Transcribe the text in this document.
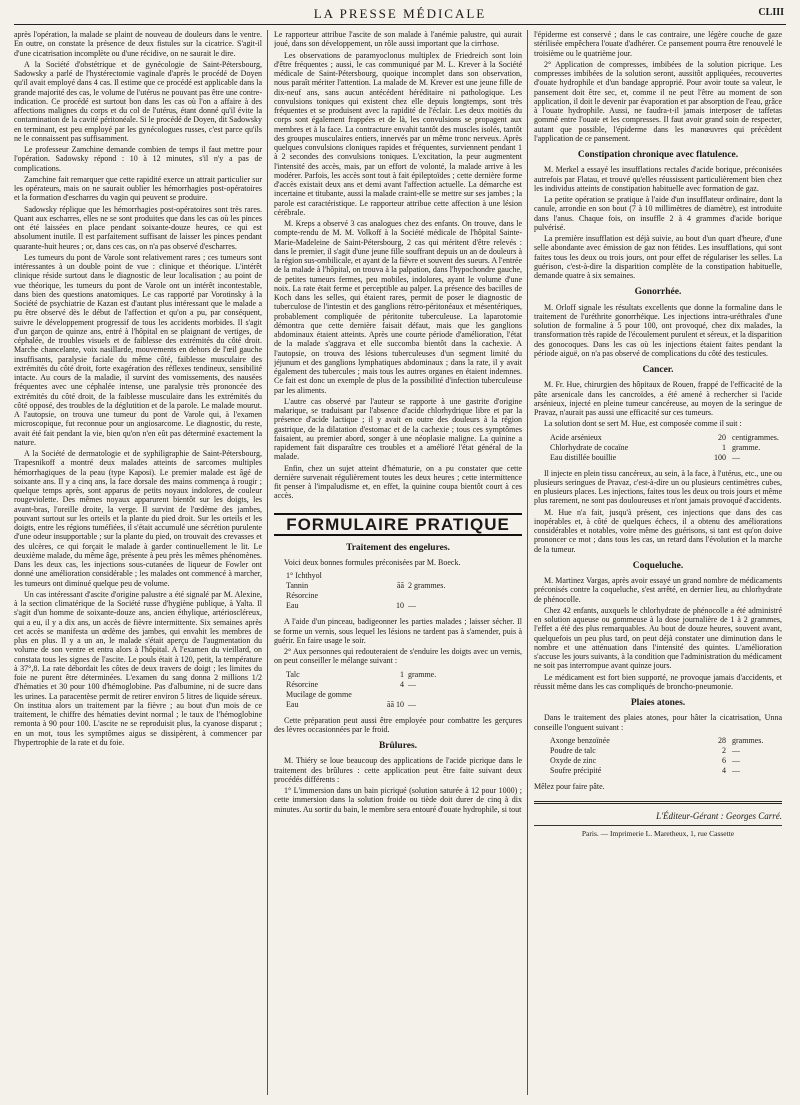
LA PRESSE MÉDICALE	CLIII

après l'opération, la malade se plaint de nouveau de douleurs dans le ventre. En outre, on constate la présence de deux fistules sur la cicatrice. S'agit-il d'une cicatrisation incomplète ou d'une récidive, on ne saurait le dire.

A la Société d'obstétrique et de gynécologie de Saint-Pétersbourg, Sadowsky a parlé de l'hystérectomie vaginale d'après le procédé de Doyen qu'il avait employé dans 4 cas. Il estime que ce procédé est applicable dans la grande majorité des cas, le volume de l'utérus ne pouvant pas être une contre-indication. Ce procédé est surtout bon dans les cas où l'on a affaire à des affections malignes du corps et du col de l'utérus, étant donné qu'il évite la contamination de la cavité péritonéale. Si le procédé de Doyen, dit Sadowsky en terminant, est peu employé par les gynécologues russes, c'est parce qu'ils ne le connaissent pas suffisamment.

Le professeur Zamchine demande combien de temps il faut mettre pour l'opération. Sadowsky répond : 10 à 12 minutes, s'il n'y a pas de complications.

Zamchine fait remarquer que cette rapidité exerce un attrait particulier sur les opérateurs, mais on ne saurait oublier les hémorrhagies post-opératoires et la formation d'escharres du vagin qui peuvent se produire.

Sadowsky réplique que les hémorrhagies post-opératoires sont très rares. Quant aux escharres, elles ne se sont produites que dans les cas où les pinces ont été laissées en place pendant soixante-douze heures, ce qui est absolument inutile. Il est parfaitement suffisant de laisser les pinces pendant quarante-huit heures ; or, dans ces cas, on n'a pas observé d'escharres.

Les tumeurs du pont de Varole sont relativement rares ; ces tumeurs sont intéressantes à un double point de vue : clinique et théorique. L'intérêt clinique réside surtout dans le diagnostic de leur localisation ; au point de vue théorique, les tumeurs du pont de Varole ont un intérêt incontestable, dans bien des questions anatomiques. Le cas rapporté par Vorotinsky à la Société de psychiatrie de Kazan est d'autant plus intéressant que le malade a pu être observé dès le début de l'affection et qu'on a pu, par conséquent, suivre le développement progressif de tous les accidents morbides. Il s'agit d'un garçon de quinze ans, entré à l'hôpital en se plaignant de vertiges, de céphalée, de troubles visuels et de faiblesse des extrémités du côté droit. Marche chancelante, voix nasillarde, mouvements en dehors de l'œil gauche insuffisants, paralysie faciale du même côté, faiblesse musculaire des extrémités du côté droit, forte exagération des réflexes tendineux, sensibilité intacte. Au cours de la maladie, il survint des vomissements, des nausées fréquentes avec une céphalée intense, une paralysie très prononcée des extrémités du côté droit, de la faiblesse musculaire dans les extrémités du côté opposé, des troubles de la déglutition et de la parole. Le malade mourut. A l'autopsie, on trouva une tumeur du pont de Varole qui, à l'examen microscopique, fut reconnue pour un angiosarcome. Le diagnostic, du reste, avait été fait pendant la vie, bien qu'on n'en eût pas déterminé exactement la nature.

A la Société de dermatologie et de syphiligraphie de Saint-Pétersbourg, Trapesnikoff a montré deux malades atteints de sarcomes multiples hémorrhagiques de la peau (type Kaposi). Le premier malade est âgé de soixante ans. Il y a cinq ans, la face dorsale des mains commença à rougir ; quelque temps après, sont apparus de petits noyaux indolores, de couleur rougeviolette. Des mêmes noyaux apparurent bientôt sur les doigts, les avant-bras, l'oreille droite, la verge. Il survint de l'œdème des jambes, pouvant surtout sur les orteils et la plante du pied droit. Sur les orteils et les doigts, entre les régions tuméfiées, il s'était accumulé une sécrétion purulente d'une odeur insupportable ; sur la plante du pied, on trouvait des crevasses et des ulcères, ce qui forçait le malade à garder continuellement le lit. Le deuxième malade, du même âge, présente à peu près les mêmes phénomènes. Dans les deux cas, les injections sous-cutanées de liqueur de Fowler ont donné une amélioration considérable ; les malades ont commencé à marcher, les tumeurs ont diminué quelque peu de volume.

Un cas intéressant d'ascite d'origine palustre a été signalé par M. Alexine, à la section climatérique de la Société russe d'hygiène publique, à Yalta. Il s'agit d'un homme de soixante-douze ans, ancien éthylique, artérioscléreux, qui a eu, il y a dix ans, un accès de fièvre intermittente. Six semaines après cet accès se manifesta un œdème des jambes, qui envahit les membres de plus en plus. Il y a un an, le malade s'était aperçu de l'augmentation du volume de son ventre et entra alors à l'hôpital. A l'examen du vieillard, on constata tous les signes de l'ascite. Le pouls était à 120, petit, la température à 37°,8. La rate débordait les côtes de deux travers de doigt ; les limites du foie ne purent être déterminées. L'examen du sang donna 2 millions 1/2 d'hématies et 30 pour 100 d'hémoglobine. Pas d'albumine, ni de sucre dans les urines. La paracentèse permit de retirer environ 5 litres de liquide séreux. On institua alors un traitement par la fièvre ; au bout d'un mois de ce traitement, le chiffre des hématies devint normal ; le taux de l'hémoglobine remonta à 90 pour 100. L'ascite ne se reproduisit plus, la cyanose disparut ; en un mot, tous les symptômes aigus se dissipèrent, à commencer par l'hypertrophie de la rate et du foie.

Le rapporteur attribue l'ascite de son malade à l'anémie palustre, qui aurait joué, dans son développement, un rôle aussi important que la cirrhose.

Les observations de paramyoclonus multiplex de Friedreich sont loin d'être fréquentes ; aussi, le cas communiqué par M. L. Krever à la Société médicale de Saint-Pétersbourg, quoique incomplet dans son observation, nous paraît mériter l'attention. La malade de M. Krever est une jeune fille de dix-neuf ans, sans aucun antécédent héréditaire ni pathologique. Les convulsions toniques qui existent chez elle depuis longtemps, sont très fréquentes et se produisent avec la rapidité de l'éclair. Les deux moitiés du corps sont également frappées et de là, les convulsions se propagent aux membres et à la face. La contracture envahit tantôt des muscles isolés, tantôt des groupes musculaires entiers, innervés par un même tronc nerveux. Après quelques convulsions cloniques rapides et fréquentes, surviennent pendant 1 à 2 secondes des convulsions toniques. L'excitation, la peur augmentent l'intensité des accès, mais, par un effort de volonté, la malade arrive à les modérer. Parfois, les accès sont tout à fait épileptoïdes ; cette dernière forme d'accès existait deux ans et demi avant l'affection actuelle. La démarche est incertaine et titubante, aussi la malade craint-elle se mettre sur ses jambes ; la parole est caractéristique. Le rapporteur attribue cette affection à une lésion cérébrale.

M. Kreps a observé 3 cas analogues chez des enfants. On trouve, dans le compte-rendu de M. M. Volkoff à la Société médicale de l'hôpital Sainte-Marie-Madeleine de Saint-Pétersbourg, 2 cas qui méritent d'être relevés : dans le premier, il s'agit d'une jeune fille souffrant depuis un an de douleurs à la région sus-ombilicale, et ayant de la fièvre et souvent des sueurs. A l'entrée de la malade à l'hôpital, on trouva à la palpation, dans l'hypochondre gauche, de petites tumeurs fermes, peu mobiles, indolores, ayant le volume d'une noix. La rate était ferme et perceptible au palper. La présence des bacilles de Koch dans les selles, qui étaient rares, permit de poser le diagnostic de tuberculose de l'intestin et des ganglions rétro-péritonéaux et mésentériques, probablement compliquée de péritonite tuberculeuse. La laparotomie démontra que cette dernière faisait défaut, mais que les ganglions abdominaux étaient atteints. Après une courte période d'amélioration, l'état de la malade s'aggrava et elle succomba bientôt dans la cachexie. A l'autopsie, on trouva des lésions tuberculeuses d'un segment limité du jéjunum et des ganglions lymphatiques abdominaux ; dans la rate, il y avait également des tubercules ; mais tous les autres organes en étaient indemnes. Ce fait est donc un exemple de plus de la possibilité d'infection tuberculeuse par les aliments.

L'autre cas observé par l'auteur se rapporte à une gastrite d'origine malarique, se traduisant par l'absence d'acide chlorhydrique libre et par la présence d'acide lactique ; il y avait en outre des douleurs à la région gastrique, de la dilatation d'estomac et de la cachexie ; tous ces symptômes faisaient, au premier abord, songer à une néoplasie maligne. La quinine a rapidement fait disparaître ces troubles et a amélioré l'état général de la malade.

Enfin, chez un sujet atteint d'hématurie, on a pu constater que cette dernière survenait régulièrement toutes les deux heures ; cette intermittence fit penser à l'impaludisme et, en effet, la quinine coupa bientôt court à ces accès.

FORMULAIRE PRATIQUE
Traitement des engelures.

Voici deux bonnes formules préconisées par M. Boeck.

1° Ichthyol
Tannin	āā 2 grammes.
Résorcine
Eau	10 —

A l'aide d'un pinceau, badigeonner les parties malades ; laisser sécher. Il se forme un vernis, sous lequel les lésions ne tardent pas à s'amender, puis à guérir. En faire usage le soir.

2° Aux personnes qui redouteraient de s'enduire les doigts avec un vernis, on peut conseiller le mélange suivant :

Talc	1 gramme.
Résorcine	4 —
Mucilage de gomme
Eau	āā 10 —

Cette préparation peut aussi être employée pour combattre les gerçures des lèvres occasionnées par le froid.

Brûlures.

M. Thiéry se loue beaucoup des applications de l'acide picrique dans le traitement des brûlures : cette application peut être faite suivant deux procédés différents :

1° L'immersion dans un bain picriqué (solution saturée à 12 pour 1000) ; cette immersion dans la solution froide ou tiède doit durer de cinq à dix minutes. Au sortir du bain, le membre sera entouré d'ouate hydrophile, si tout

l'épiderme est conservé ; dans le cas contraire, une légère couche de gaze stérilisée empêchera l'ouate d'adhérer. Ce pansement pourra être renouvelé le troisième ou le quatrième jour.

2° Application de compresses, imbibées de la solution picrique. Les compresses imbibées de la solution seront, aussitôt appliquées, recouvertes d'ouate hydrophile et d'un bandage approprié. Pour avoir toute sa valeur, le pansement doit être sec, et, comme il ne peut l'être au moment de son application, il doit le devenir par évaporation et par absorption de l'eau, grâce à l'ouate hydrophile. Aussi, ne faudra-t-il jamais interposer de taffetas gommé entre l'ouate et les compresses. Il faut avoir grand soin de respecter, autant que possible, l'épiderme dans les manœuvres qui précèdent l'application de ce pansement.

Constipation chronique avec flatulence.

M. Merkel a essayé les insufflations rectales d'acide borique, préconisées autrefois par Flatau, et trouvé qu'elles réussissent particulièrement bien chez les individus atteints de constipation habituelle avec formation de gaz.

La petite opération se pratique à l'aide d'un insufflateur ordinaire, dont la canule, arrondie en son bout (7 à 10 millimètres de diamètre), est introduite dans l'anus. Chaque fois, on insuffle 2 à 4 grammes d'acide borique pulvérisé.

La première insufflation est déjà suivie, au bout d'un quart d'heure, d'une selle abondante avec émission de gaz non fétides. Les insufflations, qui sont faites tous les deux ou trois jours, ont pour effet de régulariser les selles. La guérison, c'est-à-dire la disparition complète de la constipation habituelle, demande quatre à six semaines.

Gonorrhée.

M. Orloff signale les résultats excellents que donne la formaline dans le traitement de l'uréthrite gonorrhéique. Les injections intra-uréthrales d'une solution de formaline à 5 pour 100, ont provoqué, chez dix malades, la transformation très rapide de l'écoulement purulent et séreux, et la disparition des gonocoques. Dans les cas où les injections étaient faites pendant la période aiguë, on n'a pas observé de complications du côté des testicules.

Cancer.

M. Fr. Hue, chirurgien des hôpitaux de Rouen, frappé de l'efficacité de la pâte arsenicale dans les cancroïdes, a été amené à rechercher si l'acide arsénieux, injecté en pleine tumeur cancéreuse, au moyen de la seringue de Pravaz, n'aurait pas aussi une efficacité sur ces tumeurs.

La solution dont se sert M. Hue, est composée comme il suit :

Acide arsénieux	20 centigrammes.
Chlorhydrate de cocaïne	1 gramme.
Eau distillée bouillie	100 —

Il injecte en plein tissu cancéreux, au sein, à la face, à l'utérus, etc., une ou plusieurs seringues de Pravaz, c'est-à-dire un ou plusieurs centimètres cubes, en plusieurs places. Les injections, faites tous les deux ou trois jours et même plus rarement, ne sont pas douloureuses et n'ont jamais provoqué d'accidents.

M. Hue n'a fait, jusqu'à présent, ces injections que dans des cas inopérables et, à côté de quelques échecs, il a obtenu des améliorations considérables et notables, voire même des guérisons, si tant est qu'on doive prononcer ce mot ; dans tous les cas, un retard dans l'évolution et la marche de la tumeur.

Coqueluche.

M. Martinez Vargas, après avoir essayé un grand nombre de médicaments préconisés contre la coqueluche, s'est arrêté, en dernier lieu, au chlorhydrate de phénocolle.

Chez 42 enfants, auxquels le chlorhydrate de phénocolle a été administré en solution aqueuse ou gommeuse à la dose journalière de 1 à 2 grammes, l'effet a été des plus remarquables. Au bout de douze heures, souvent avant, quelquefois un peu plus tard, on peut déjà constater une diminution dans le nombre et une atténuation dans l'intensité des quintes. L'amélioration s'accuse les jours suivants, à la condition que l'administration du médicament ne soit pas interrompue avant quinze jours.

Le médicament est fort bien supporté, ne provoque jamais d'accidents, et réussit même dans les cas compliqués de broncho-pneumonie.

Plaies atones.

Dans le traitement des plaies atones, pour hâter la cicatrisation, Unna conseille l'onguent suivant :

Axonge benzoïnée	28 grammes.
Poudre de talc	2 —
Oxyde de zinc	6 —
Soufre précipité	4 —

Mêlez pour faire pâte.

L'Éditeur-Gérant : Georges Carré.
Paris. — Imprimerie L. Maretheux, 1, rue Cassette
